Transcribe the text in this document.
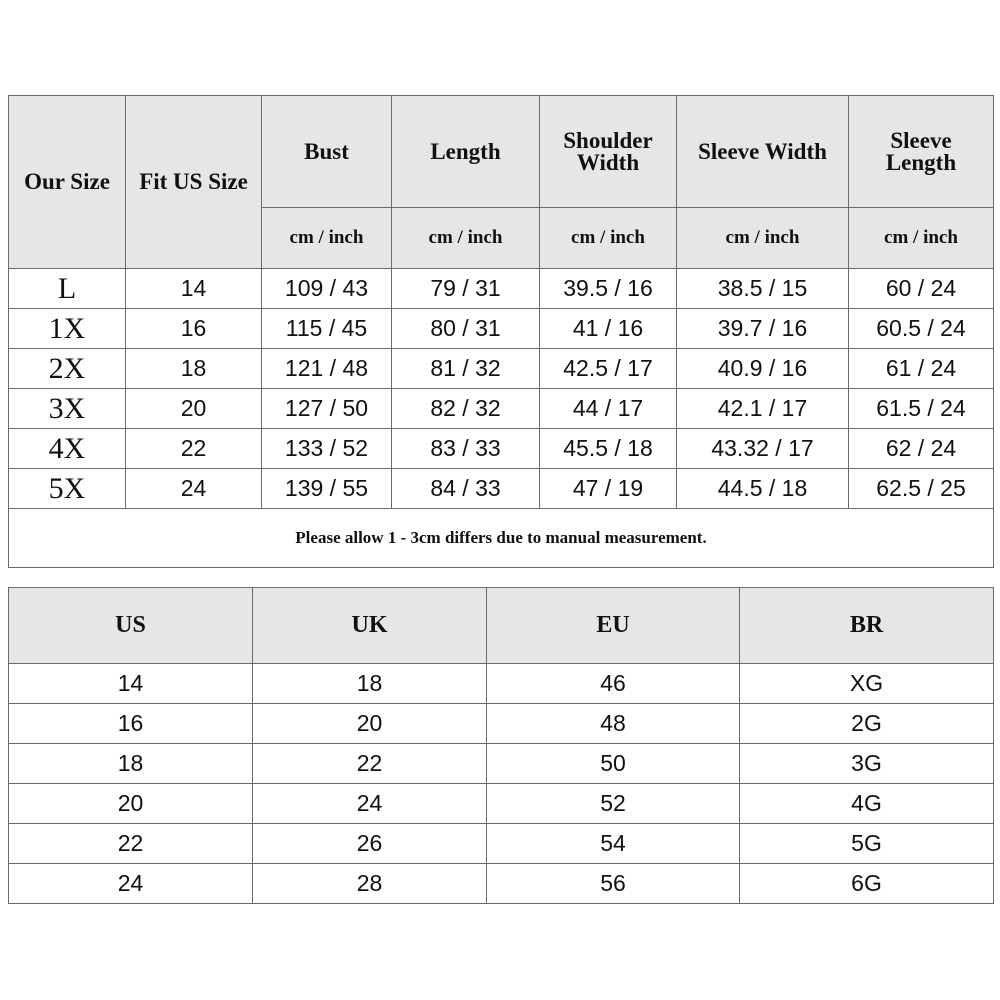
Our Size	Fit US Size	Bust	Length	Shoulder Width	Sleeve Width	Sleeve Length
		cm / inch	cm / inch	cm / inch	cm / inch	cm / inch
L	14	109 / 43	79 / 31	39.5 / 16	38.5 / 15	60 / 24
1X	16	115 / 45	80 / 31	41 / 16	39.7 / 16	60.5 / 24
2X	18	121 / 48	81 / 32	42.5 / 17	40.9 / 16	61 / 24
3X	20	127 / 50	82 / 32	44 / 17	42.1 / 17	61.5 / 24
4X	22	133 / 52	83 / 33	45.5 / 18	43.32 / 17	62 / 24
5X	24	139 / 55	84 / 33	47 / 19	44.5 / 18	62.5 / 25
Please allow 1 - 3cm differs due to manual measurement.						
US	UK	EU	BR
14	18	46	XG
16	20	48	2G
18	22	50	3G
20	24	52	4G
22	26	54	5G
24	28	56	6G
